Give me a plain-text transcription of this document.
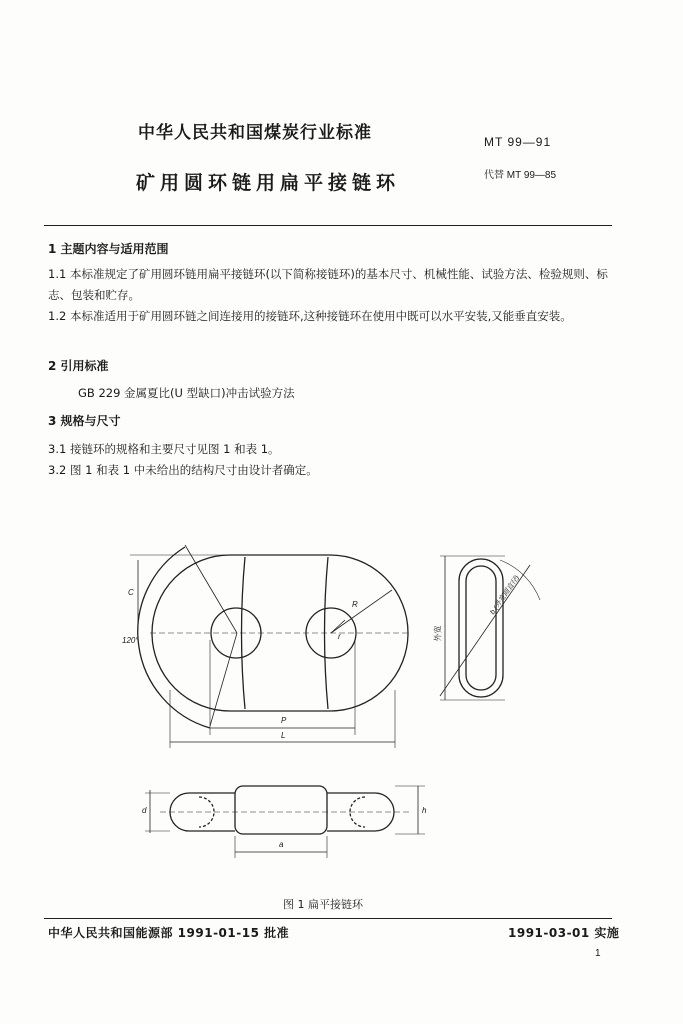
中华人民共和国煤炭行业标准	MT 99—91
矿用圆环链用扁平接链环	代替 MT 99—85
1 主题内容与适用范围
1.1 本标准规定了矿用圆环链用扁平接链环(以下简称接链环)的基本尺寸、机械性能、试验方法、检验规则、标志、包装和贮存。
1.2 本标准适用于矿用圆环链之间连接用的接链环,这种接链环在使用中既可以水平安装,又能垂直安装。
2 引用标准
GB 229 金属夏比(U 型缺口)冲击试验方法
3 规格与尺寸
3.1 接链环的规格和主要尺寸见图 1 和表 1。
3.2 图 1 和表 1 中未给出的结构尺寸由设计者确定。
C
120°
R
r
P
L
外宽
b (外宽圆直径)
d	h
a
图 1 扁平接链环
中华人民共和国能源部 1991-01-15 批准	1991-03-01 实施
1
